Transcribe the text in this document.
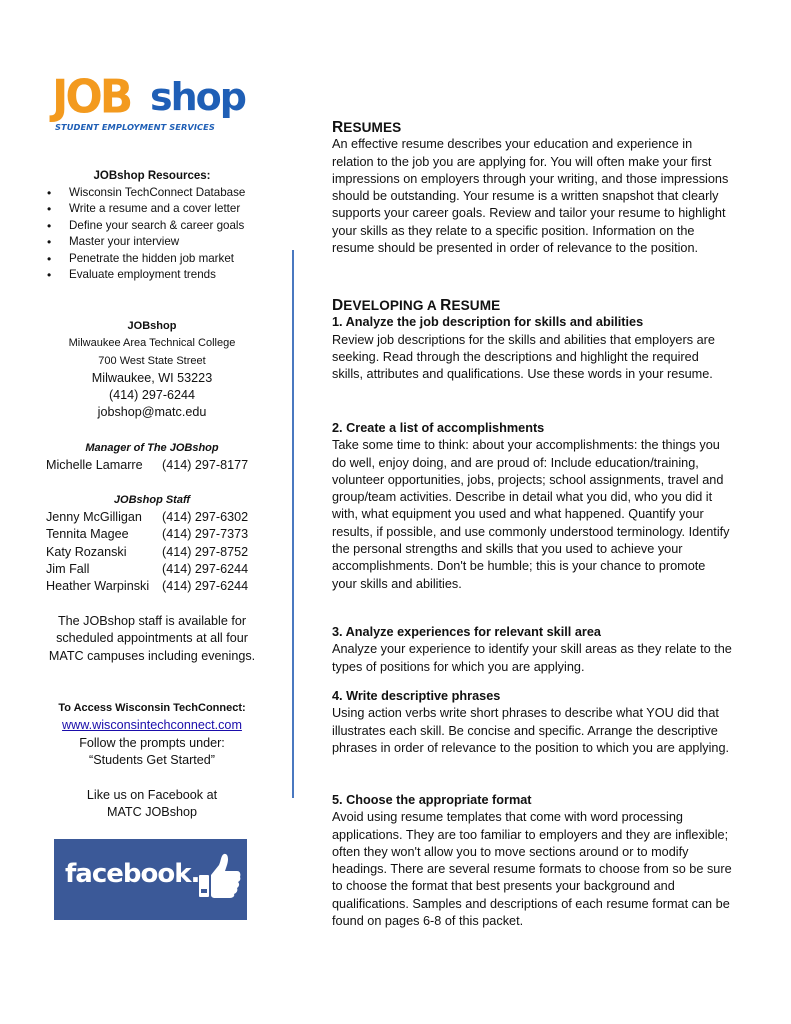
JOB shop
STUDENT EMPLOYMENT SERVICES
JOBshop Resources:
• Wisconsin TechConnect Database
• Write a resume and a cover letter
• Define your search & career goals
• Master your interview
• Penetrate the hidden job market
• Evaluate employment trends
JOBshop
Milwaukee Area Technical College
700 West State Street
Milwaukee, WI 53223
(414) 297-6244
jobshop@matc.edu
Manager of The JOBshop
Michelle Lamarre	(414) 297-8177
JOBshop Staff
Jenny McGilligan	(414) 297-6302
Tennita Magee	(414) 297-7373
Katy Rozanski	(414) 297-8752
Jim Fall	(414) 297-6244
Heather Warpinski	(414) 297-6244
The JOBshop staff is available for scheduled appointments at all four MATC campuses including evenings.
To Access Wisconsin TechConnect:
www.wisconsintechconnect.com
Follow the prompts under:
“Students Get Started”
Like us on Facebook at
MATC JOBshop
facebook.
RESUMES

An effective resume describes your education and experience in relation to the job you are applying for. You will often make your first impressions on employers through your writing, and those impressions should be outstanding. Your resume is a written snapshot that clearly supports your career goals. Review and tailor your resume to highlight your skills as they relate to a specific position. Information on the resume should be presented in order of relevance to the position.

DEVELOPING A RESUME
1. Analyze the job description for skills and abilities

Review job descriptions for the skills and abilities that employers are seeking. Read through the descriptions and highlight the required skills, attributes and qualifications. Use these words in your resume.

2. Create a list of accomplishments

Take some time to think: about your accomplishments: the things you do well, enjoy doing, and are proud of: Include education/training, volunteer opportunities, jobs, projects; school assignments, travel and group/team activities. Describe in detail what you did, who you did it with, what equipment you used and what happened. Quantify your results, if possible, and use commonly understood terminology. Identify the personal strengths and skills that you used to achieve your accomplishments. Don't be humble; this is your chance to promote your skills and abilities.

3. Analyze experiences for relevant skill area

Analyze your experience to identify your skill areas as they relate to the types of positions for which you are applying.

4. Write descriptive phrases

Using action verbs write short phrases to describe what YOU did that illustrates each skill. Be concise and specific. Arrange the descriptive phrases in order of relevance to the position to which you are applying.

5. Choose the appropriate format

Avoid using resume templates that come with word processing applications. They are too familiar to employers and they are inflexible; often they won't allow you to move sections around or to modify headings. There are several resume formats to choose from so be sure to choose the format that best presents your background and qualifications. Samples and descriptions of each resume format can be found on pages 6-8 of this packet.
